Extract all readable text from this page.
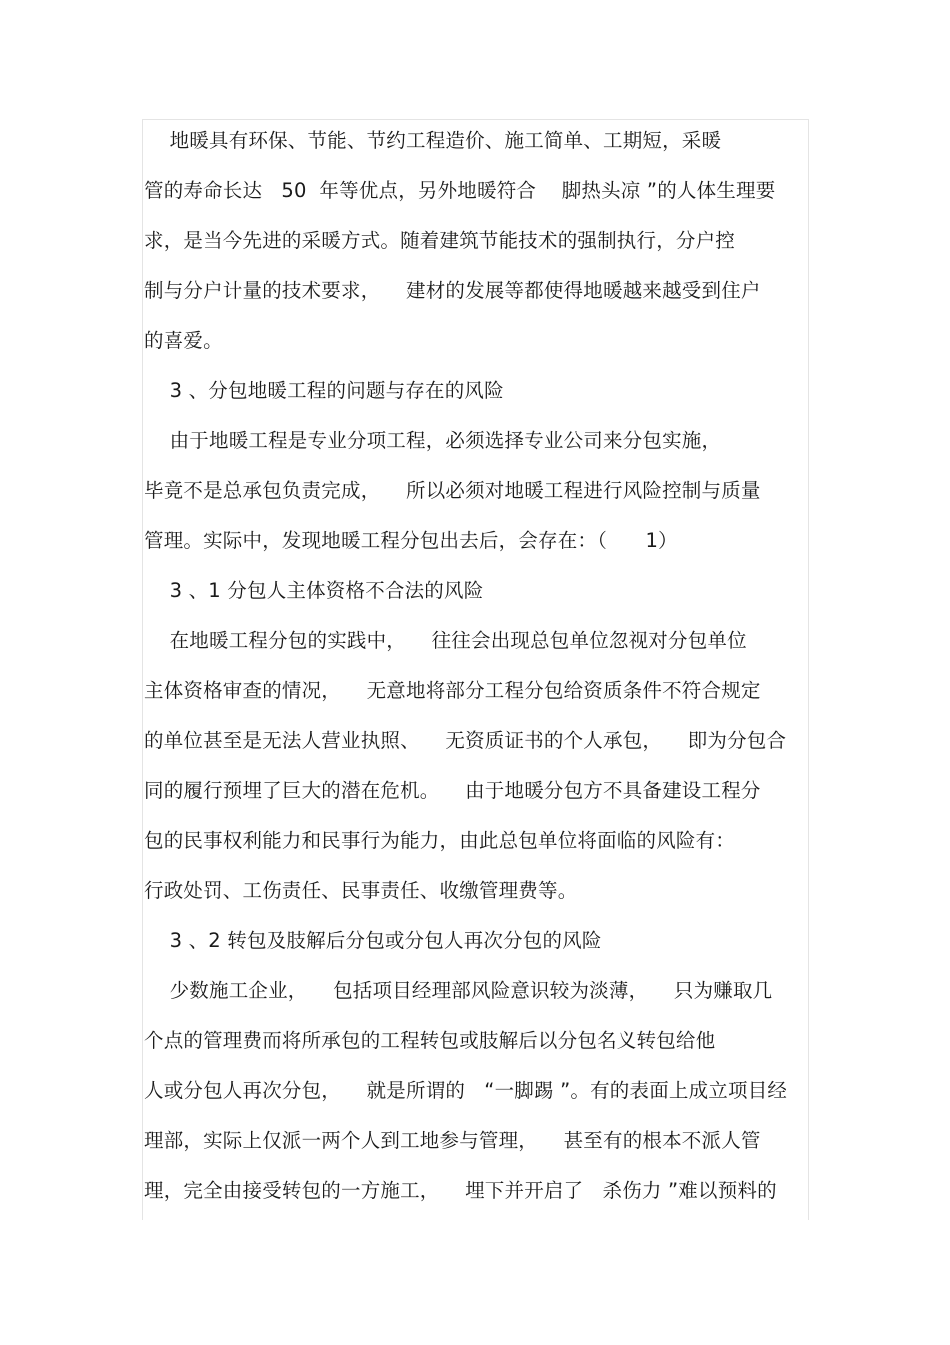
地暖具有环保、节能、节约工程造价、施工简单、工期短，采暖
管的寿命长达   50  年等优点，另外地暖符合    脚热头凉 ”的人体生理要
求，是当今先进的采暖方式。随着建筑节能技术的强制执行，分户控
制与分户计量的技术要求，    建材的发展等都使得地暖越来越受到住户
的喜爱。
3 、分包地暖工程的问题与存在的风险
由于地暖工程是专业分项工程，必须选择专业公司来分包实施，
毕竟不是总承包负责完成，    所以必须对地暖工程进行风险控制与质量
管理。实际中，发现地暖工程分包出去后，会存在：（      1）
3 、1 分包人主体资格不合法的风险
在地暖工程分包的实践中，    往往会出现总包单位忽视对分包单位
主体资格审查的情况，    无意地将部分工程分包给资质条件不符合规定
的单位甚至是无法人营业执照、    无资质证书的个人承包，    即为分包合
同的履行预埋了巨大的潜在危机。    由于地暖分包方不具备建设工程分
包的民事权利能力和民事行为能力，由此总包单位将面临的风险有：
行政处罚、工伤责任、民事责任、收缴管理费等。
3 、2 转包及肢解后分包或分包人再次分包的风险
少数施工企业，    包括项目经理部风险意识较为淡薄，    只为赚取几
个点的管理费而将所承包的工程转包或肢解后以分包名义转包给他
人或分包人再次分包，    就是所谓的   “一脚踢 ”。有的表面上成立项目经
理部，实际上仅派一两个人到工地参与管理，    甚至有的根本不派人管
理，完全由接受转包的一方施工，    埋下并开启了   杀伤力 ”难以预料的
